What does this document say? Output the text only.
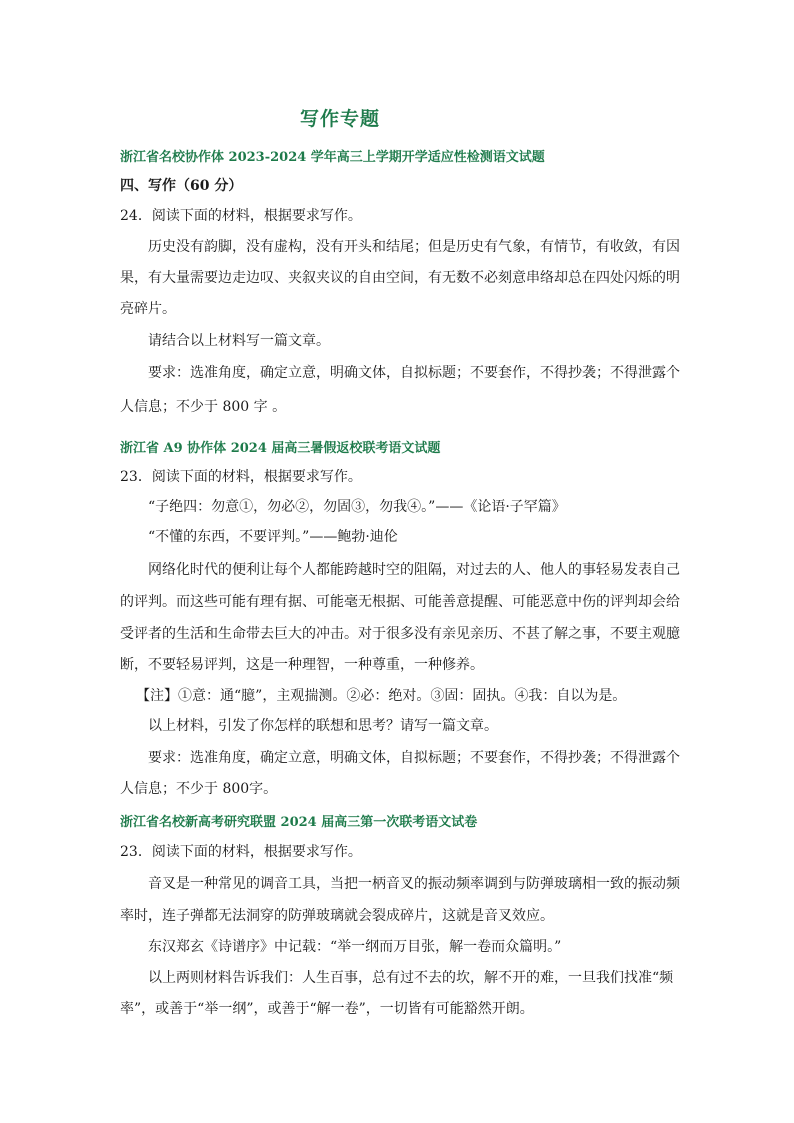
写作专题
浙江省名校协作体 2023-2024 学年高三上学期开学适应性检测语文试题
四、写作（60 分）
24．阅读下面的材料，根据要求写作。
历史没有韵脚，没有虚构，没有开头和结尾；但是历史有气象，有情节，有收敛，有因
果，有大量需要边走边叹、夹叙夹议的自由空间，有无数不必刻意串络却总在四处闪烁的明
亮碎片。
请结合以上材料写一篇文章。
要求：选准角度，确定立意，明确文体，自拟标题；不要套作，不得抄袭；不得泄露个
人信息；不少于 800 字 。
浙江省 A9 协作体 2024 届高三暑假返校联考语文试题
23．阅读下面的材料，根据要求写作。
“子绝四：勿意①，勿必②，勿固③，勿我④。”——《论语·子罕篇》
“不懂的东西，不要评判。”——鲍勃·迪伦
网络化时代的便利让每个人都能跨越时空的阻隔，对过去的人、他人的事轻易发表自己
的评判。而这些可能有理有据、可能毫无根据、可能善意提醒、可能恶意中伤的评判却会给
受评者的生活和生命带去巨大的冲击。对于很多没有亲见亲历、不甚了解之事，不要主观臆
断，不要轻易评判，这是一种理智，一种尊重，一种修养。
【注】①意：通“臆”，主观揣测。②必：绝对。③固：固执。④我：自以为是。
以上材料，引发了你怎样的联想和思考？请写一篇文章。
要求：选准角度，确定立意，明确文体，自拟标题；不要套作，不得抄袭；不得泄露个
人信息；不少于 800字。
浙江省名校新高考研究联盟 2024 届高三第一次联考语文试卷
23．阅读下面的材料，根据要求写作。
音叉是一种常见的调音工具，当把一柄音叉的振动频率调到与防弹玻璃相一致的振动频
率时，连子弹都无法洞穿的防弹玻璃就会裂成碎片，这就是音叉效应。
东汉郑玄《诗谱序》中记载：“举一纲而万目张，解一卷而众篇明。”
以上两则材料告诉我们：人生百事，总有过不去的坎，解不开的难，一旦我们找准“频
率”，或善于“举一纲”，或善于“解一卷”，一切皆有可能豁然开朗。
